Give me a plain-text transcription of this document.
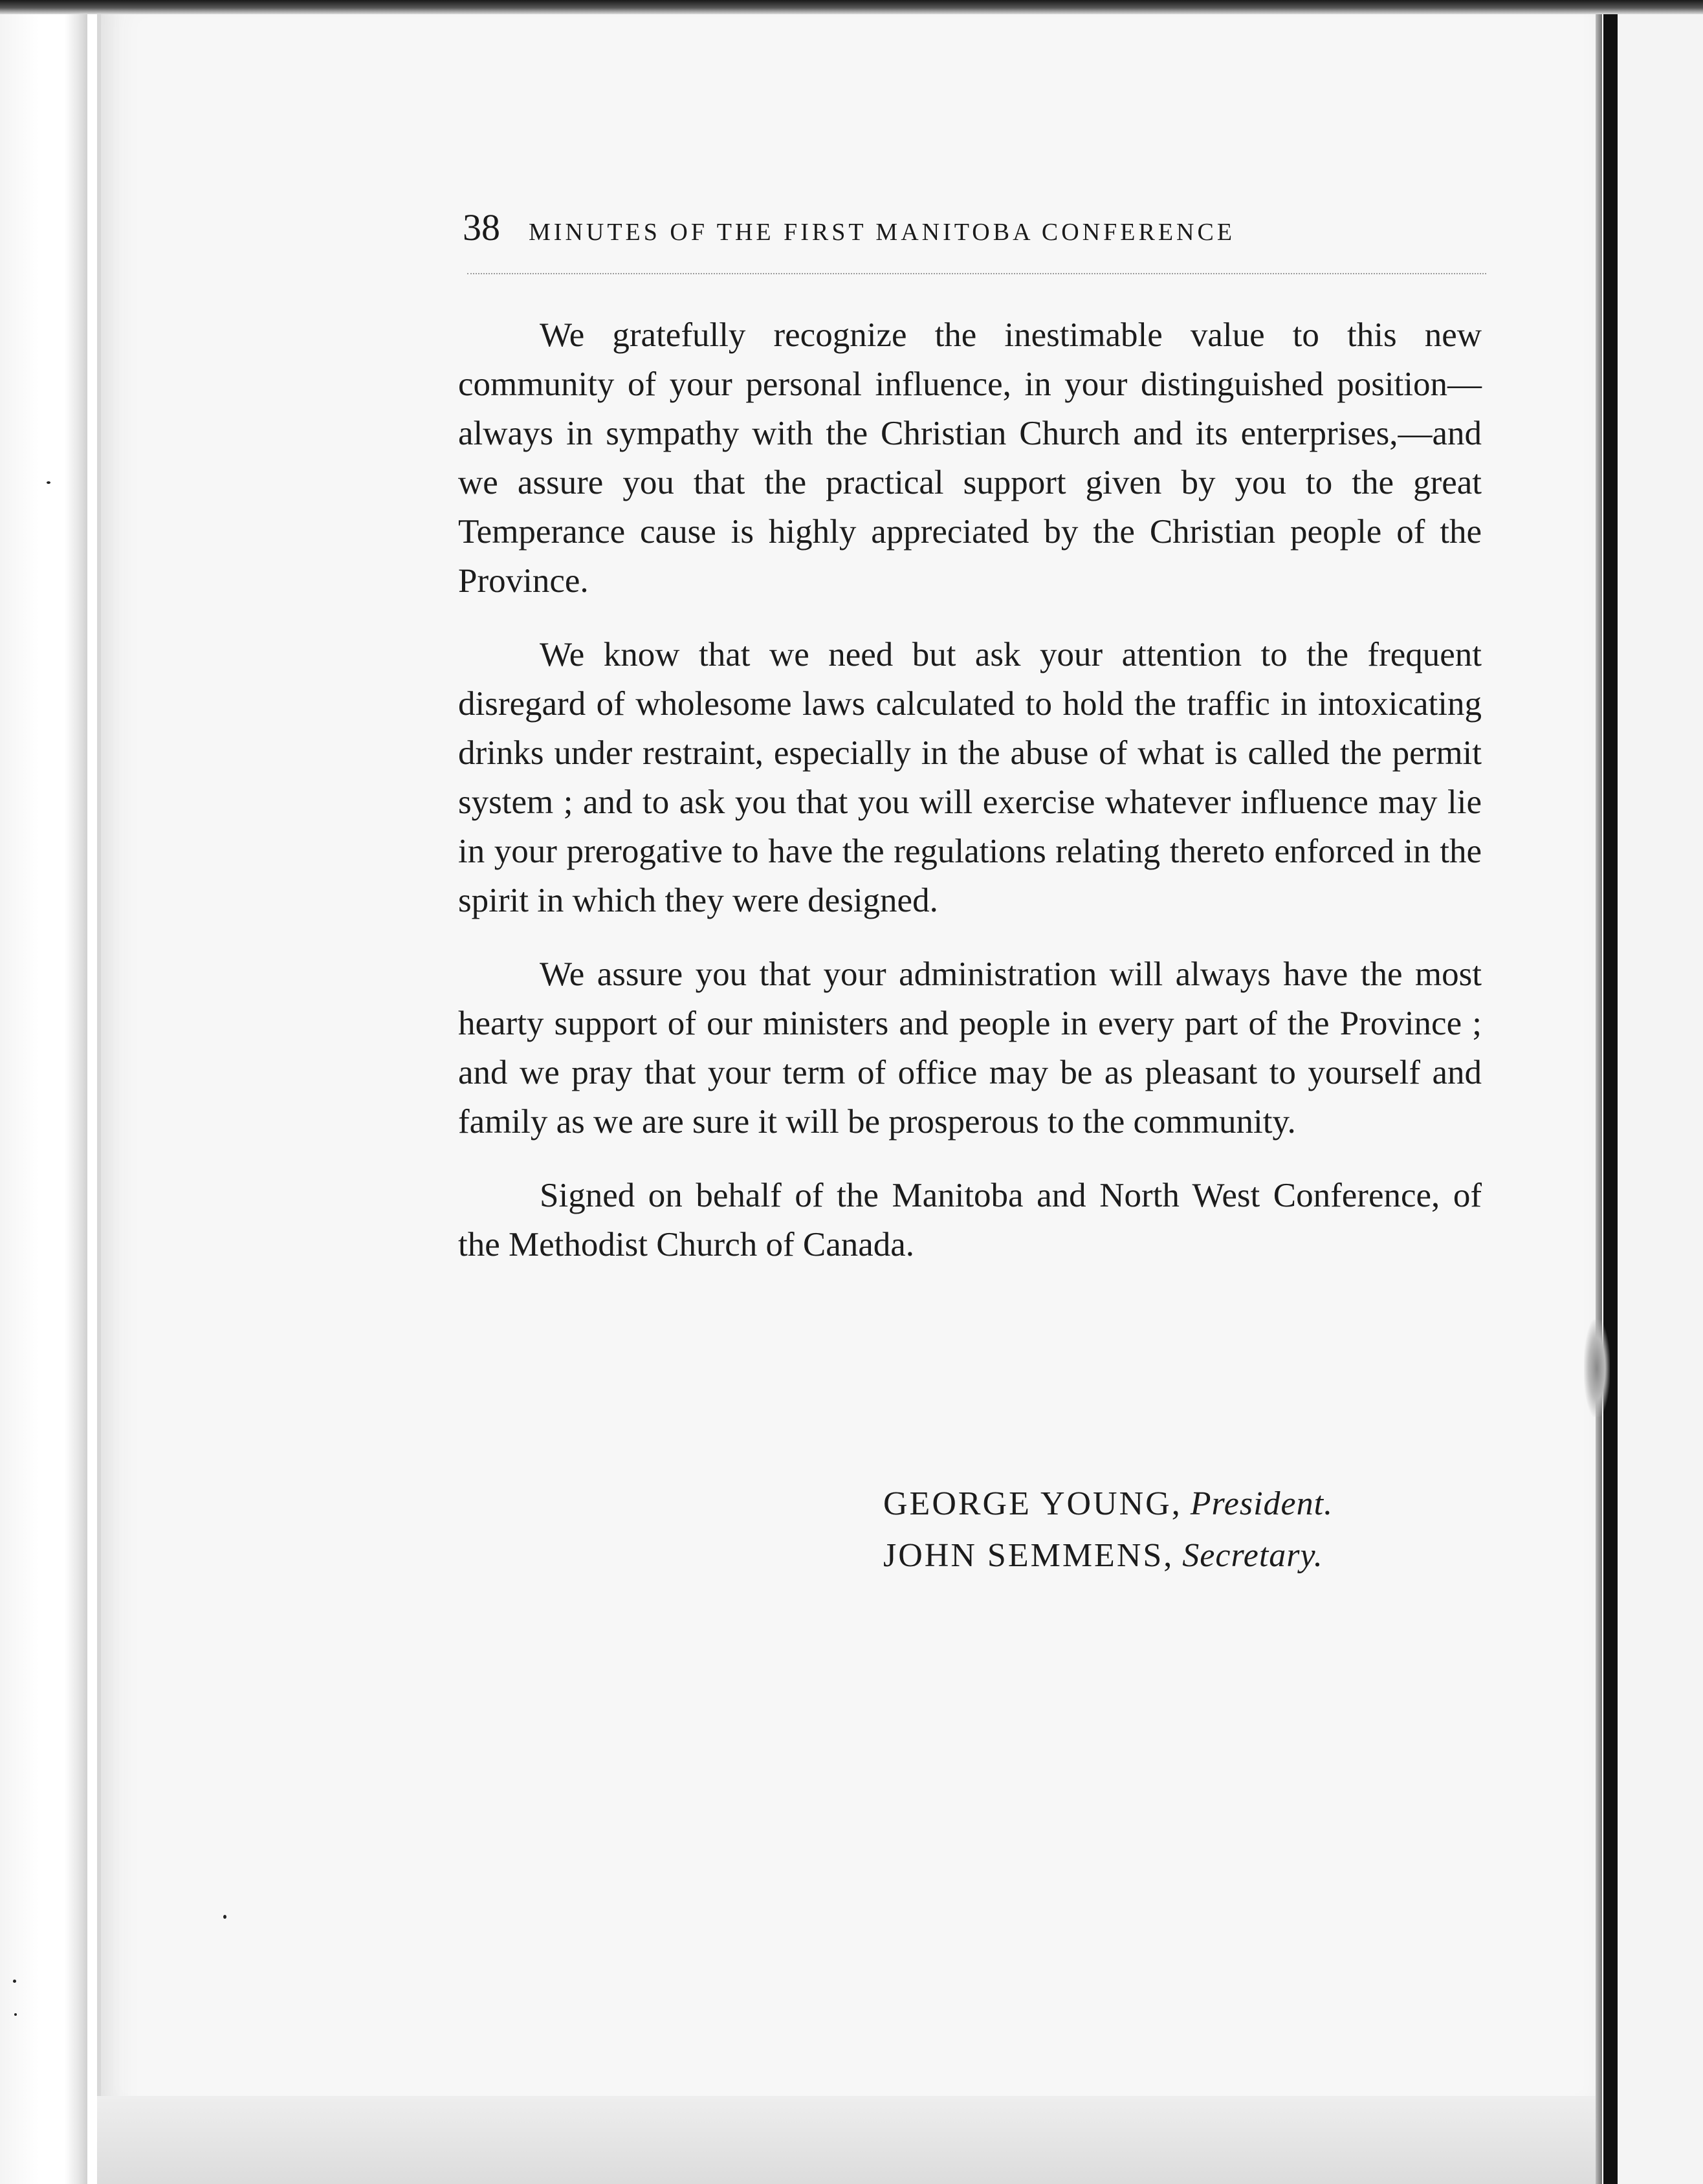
38 MINUTES OF THE FIRST MANITOBA CONFERENCE

We gratefully recognize the inestimable value to this new community of your personal influence, in your distinguished position—always in sympathy with the Christian Church and its enterprises,—and we assure you that the practical support given by you to the great Temperance cause is highly appreciated by the Christian people of the Province.

We know that we need but ask your attention to the frequent disregard of wholesome laws calculated to hold the traffic in intoxicating drinks under restraint, especially in the abuse of what is called the permit system ; and to ask you that you will exercise whatever influence may lie in your prerogative to have the regulations relating thereto enforced in the spirit in which they were designed.

We assure you that your administration will always have the most hearty support of our ministers and people in every part of the Province ; and we pray that your term of office may be as pleasant to yourself and family as we are sure it will be prosperous to the community.

Signed on behalf of the Manitoba and North West Conference, of the Methodist Church of Canada.

GEORGE YOUNG, President.
JOHN SEMMENS, Secretary.
